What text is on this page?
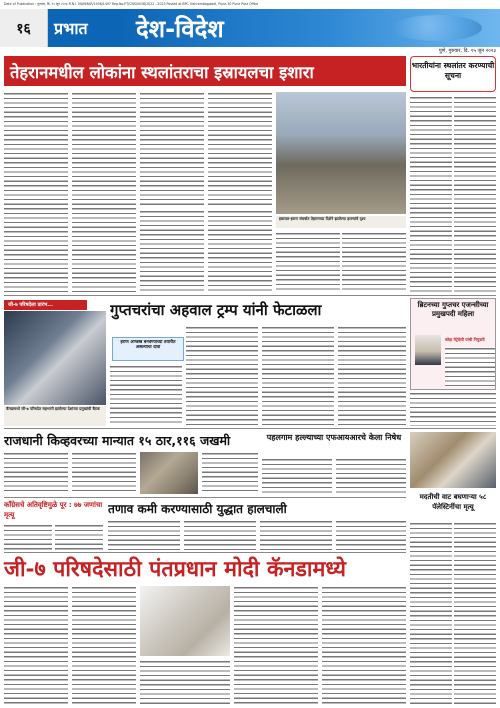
Date of Publication : गुरुवार, दि. १५ जून २०२३ R.N.I. MAHMAR/1936/1497 Reg.No.PT/CNS/0038/2022 - 2023 Posted at BPC Vishrambagwadi, Pune-30 Pune Post Office
१६	प्रभात	देश-विदेश
पुणे, गुरुवार, दि. १५ जून २०२३
तेहरानमधील लोकांना स्थलांतराचा इस्रायलचा इशारा	भारतीयांना स्थलांतर करण्याची सूचना
इस्रायल-इराण संघर्षात तेहरानच्या दिशेने झालेल्या हल्ल्यांचे दृश्य
जी-७ परिषदेला प्रारंभ...
कॅनडामध्ये जी-७ परिषदेत सहभागी झालेल्या देशांच्या प्रमुखांची बैठक
गुप्तचरांचा अहवाल ट्रम्प यांनी फेटाळला
इराण अण्वस्त्र बनवण्याच्या तयारीत असल्याचा दावा
ब्रिटनच्या गुप्तचर एजन्सीच्या प्रमुखपदी महिला
ब्लेझ मेट्रेवेली यांची नियुक्ती
राजधानी किव्हवरच्या मान्यात १५ ठार,११६ जखमी	पहलगाम हल्ल्याच्या एफआयआरचे केला निषेध
मदतीची वाट बघणाऱ्या ५८ पॅलेस्टिनींचा मृत्यू
काँग्रेसचे अतिवृष्टिमुळे पूर : ७७ जणांचा मृत्यू	तणाव कमी करण्यासाठी युद्धात हालचाली
जी-७ परिषदेसाठी पंतप्रधान मोदी कॅनडामध्ये
